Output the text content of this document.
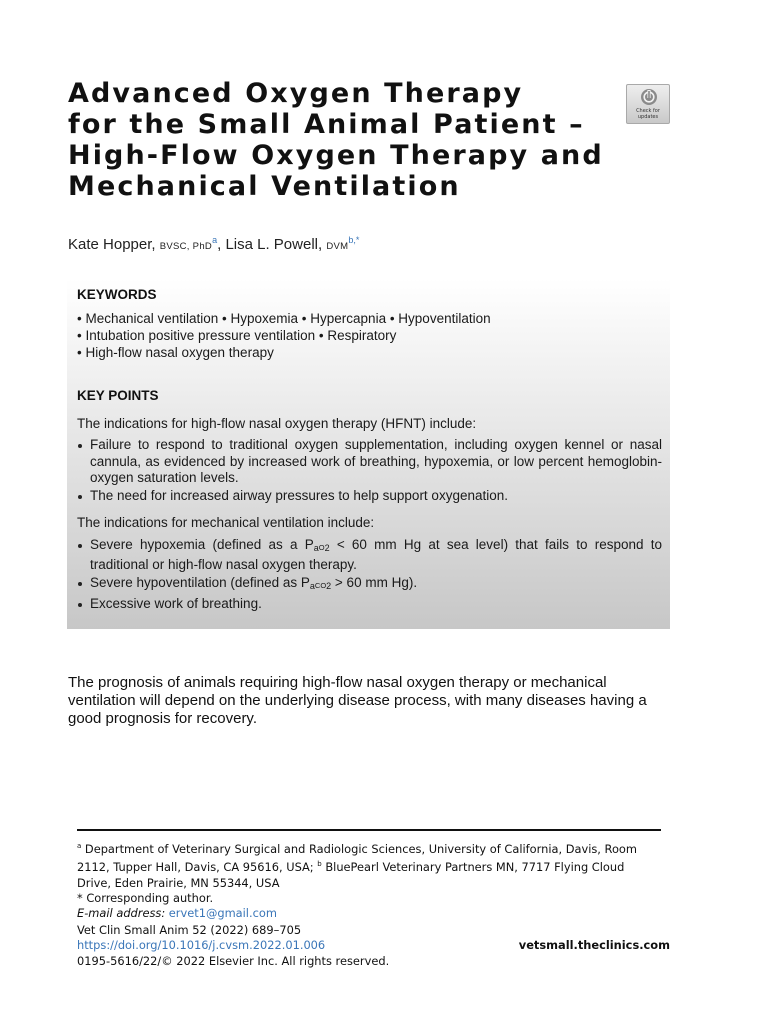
Advanced Oxygen Therapy
for the Small Animal Patient –
High-Flow Oxygen Therapy and
Mechanical Ventilation
Check for
updates
Kate Hopper, BVSC, PhD$^a$, Lisa L. Powell, $DVM^{b,*}$
KEYWORDS
• Mechanical ventilation • Hypoxemia • Hypercapnia • Hypoventilation
• Intubation positive pressure ventilation • Respiratory
• High-flow nasal oxygen therapy
KEY POINTS
The indications for high-flow nasal oxygen therapy (HFNT) include:
Failure to respond to traditional oxygen supplementation, including oxygen kennel or nasal cannula, as evidenced by increased work of breathing, hypoxemia, or low percent hemoglobin-oxygen saturation levels.
The need for increased airway pressures to help support oxygenation.
The indications for mechanical ventilation include:
Severe hypoxemia (defined as a $P_aO_2 < 60$ mm Hg at sea level) that fails to respond to traditional or high-flow nasal oxygen therapy.
Severe hypoventilation (defined as $P_aCO_2 > 60$ mm Hg).
Excessive work of breathing.

The prognosis of animals requiring high-flow nasal oxygen therapy or mechanical ventilation will depend on the underlying disease process, with many diseases having a good prognosis for recovery.

$^a$ Department of Veterinary Surgical and Radiologic Sciences, University of California, Davis, Room 2112, Tupper Hall, Davis, CA 95616, USA; $^b$ BluePearl Veterinary Partners MN, 7717 Flying Cloud Drive, Eden Prairie, MN 55344, USA

* Corresponding author.

E-mail address: ervet1@gmail.com

Vet Clin Small Anim 52 (2022) 689–705

https://doi.org/10.1016/j.cvsm.2022.01.006

0195-5616/22/© 2022 Elsevier Inc. All rights reserved.

vetsmall.theclinics.com
